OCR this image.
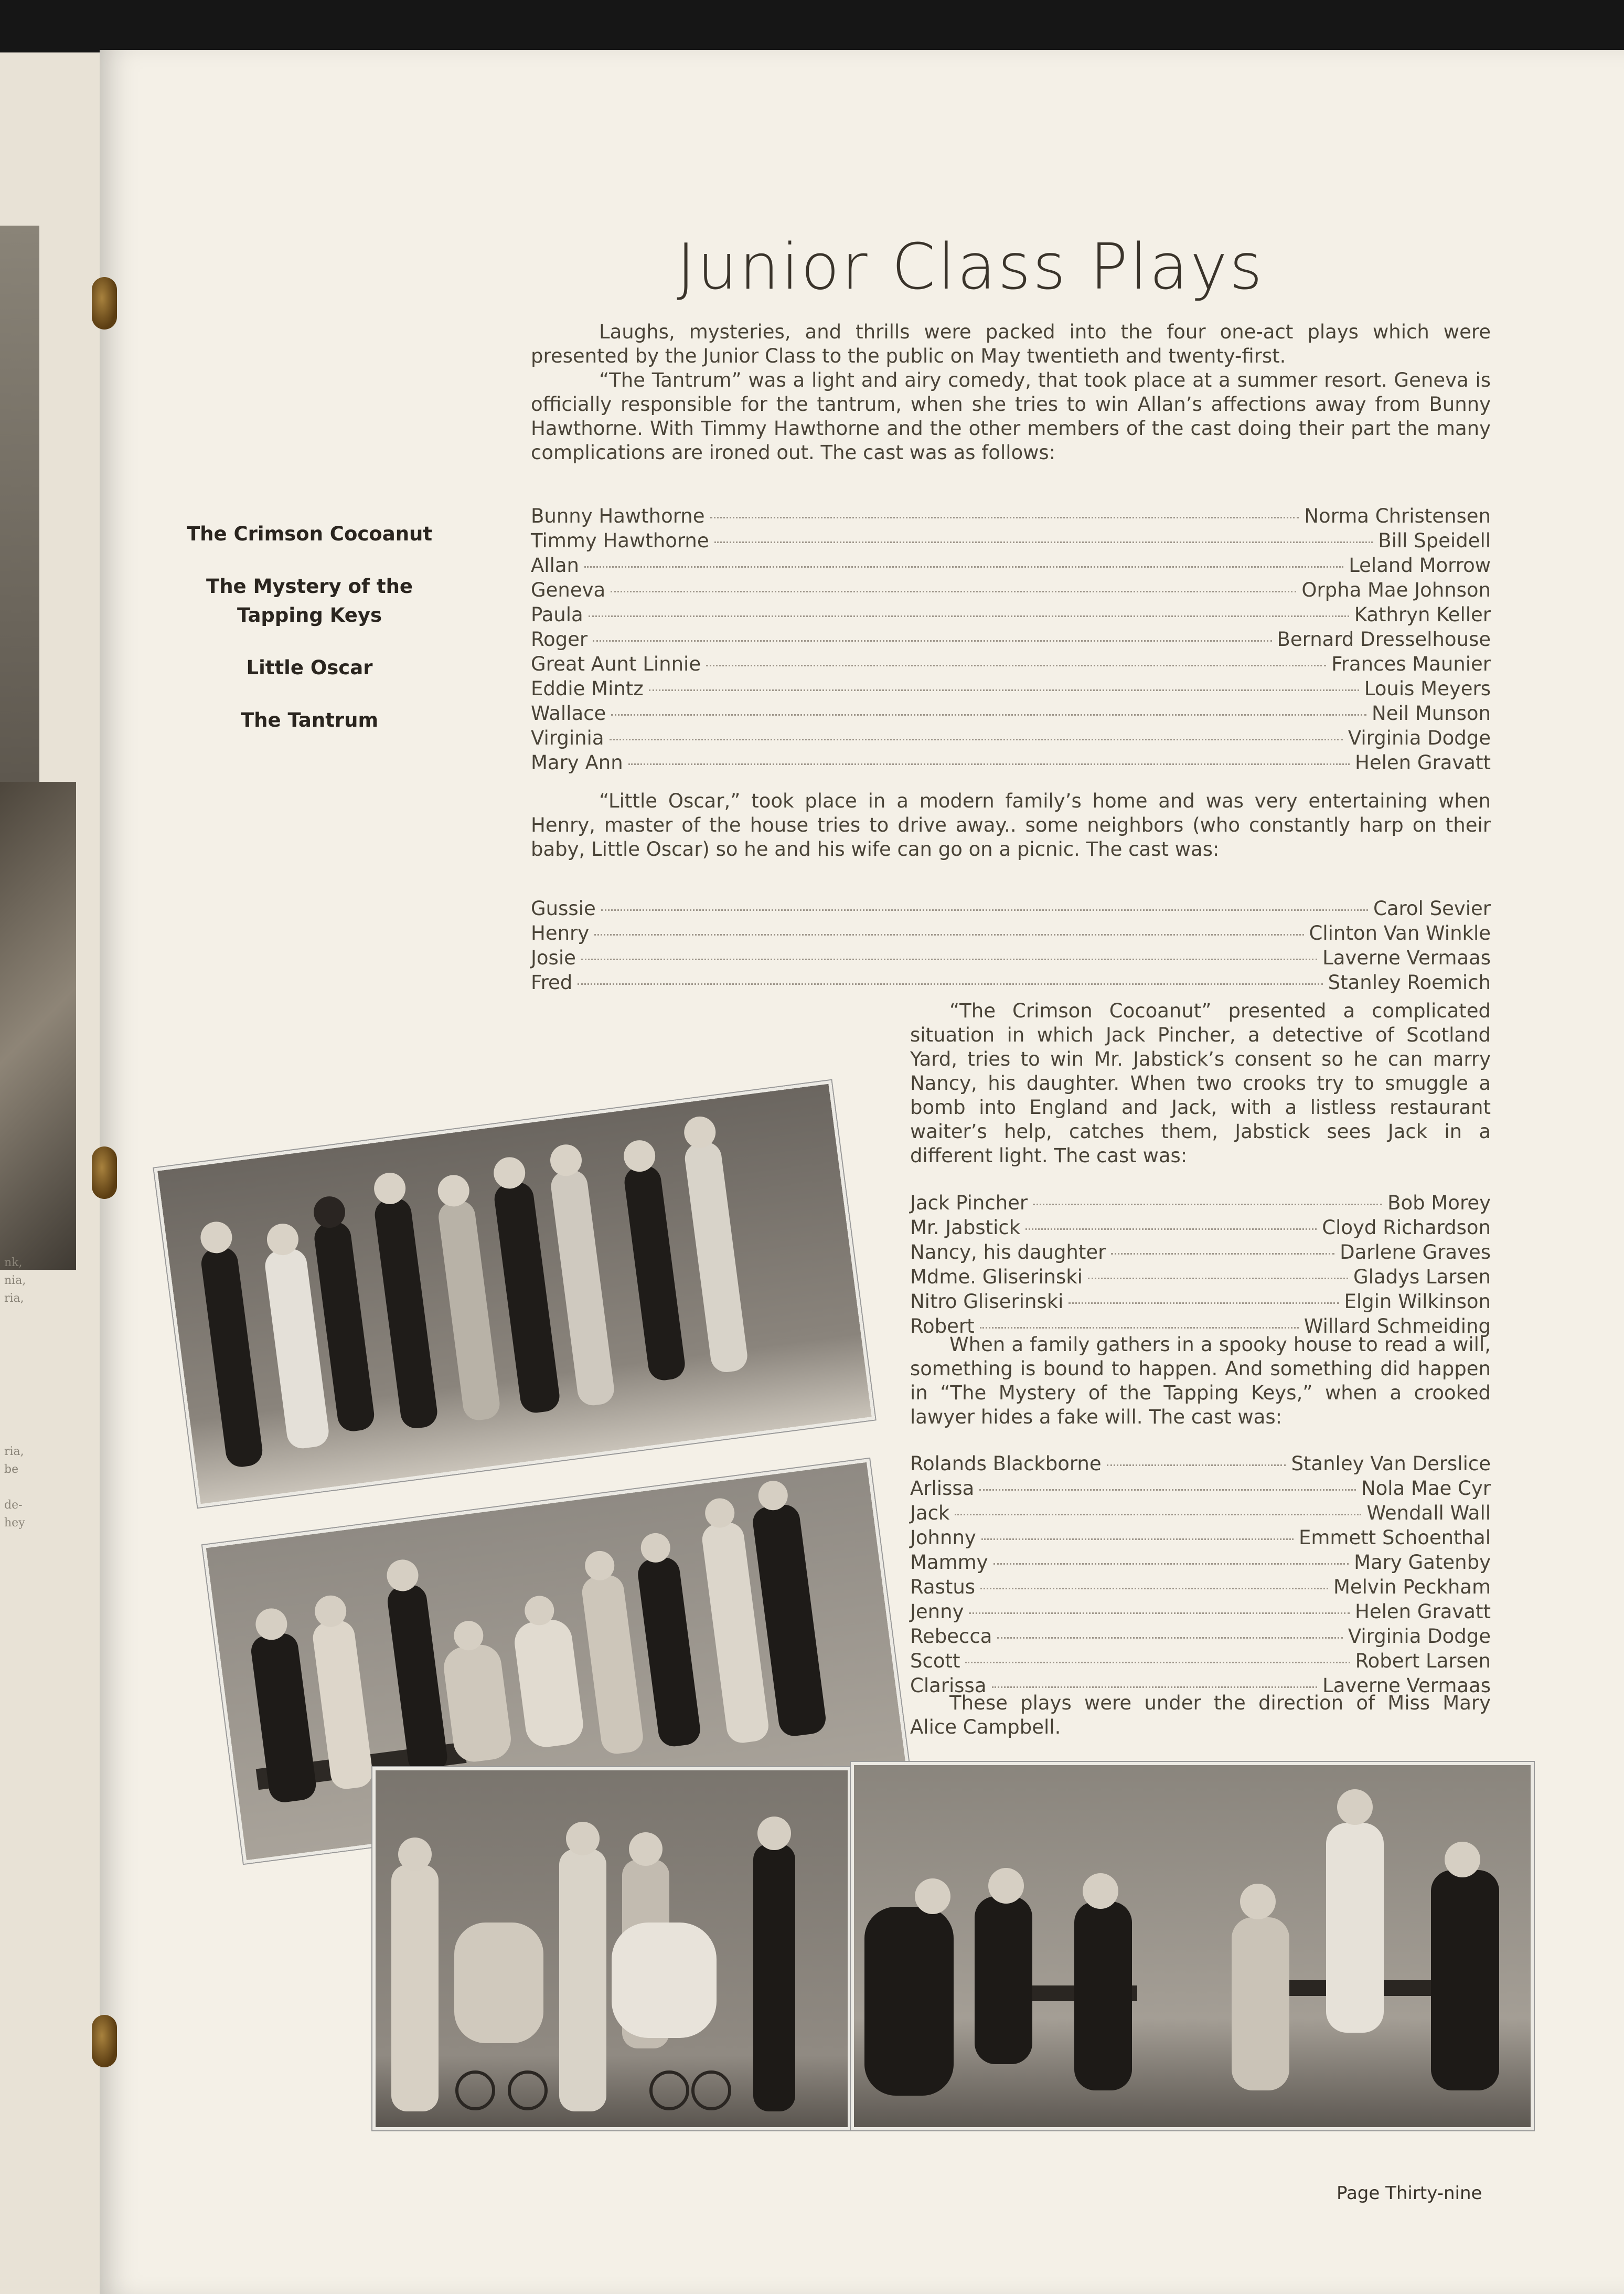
nk,
nia,
ria,
ria,
be

de-
hey
Junior Class Plays
The Crimson Cocoanut
The Mystery of the Tapping Keys
Little Oscar
The Tantrum

Laughs, mysteries, and thrills were packed into the four one-act plays which were presented by the Junior Class to the public on May twentieth and twenty-first.

“The Tantrum” was a light and airy comedy, that took place at a summer resort. Geneva is officially responsible for the tantrum, when she tries to win Allan’s affections away from Bunny Hawthorne. With Timmy Hawthorne and the other members of the cast doing their part the many complications are ironed out. The cast was as follows:

Bunny Hawthorne	Norma Christensen
Timmy Hawthorne	Bill Speidell
Allan	Leland Morrow
Geneva	Orpha Mae Johnson
Paula	Kathryn Keller
Roger	Bernard Dresselhouse
Great Aunt Linnie	Frances Maunier
Eddie Mintz	Louis Meyers
Wallace	Neil Munson
Virginia	Virginia Dodge
Mary Ann	Helen Gravatt

“Little Oscar,” took place in a modern family’s home and was very entertaining when Henry, master of the house tries to drive away.. some neighbors (who constantly harp on their baby, Little Oscar) so he and his wife can go on a picnic. The cast was:

Gussie	Carol Sevier
Henry	Clinton Van Winkle
Josie	Laverne Vermaas
Fred	Stanley Roemich

“The Crimson Cocoanut” presented a complicated situation in which Jack Pincher, a detective of Scotland Yard, tries to win Mr. Jabstick’s consent so he can marry Nancy, his daughter. When two crooks try to smuggle a bomb into England and Jack, with a listless restaurant waiter’s help, catches them, Jabstick sees Jack in a different light. The cast was:

Jack Pincher	Bob Morey
Mr. Jabstick	Cloyd Richardson
Nancy, his daughter	Darlene Graves
Mdme. Gliserinski	Gladys Larsen
Nitro Gliserinski	Elgin Wilkinson
Robert	Willard Schmeiding

When a family gathers in a spooky house to read a will, something is bound to happen. And something did happen in “The Mystery of the Tapping Keys,” when a crooked lawyer hides a fake will. The cast was:

Rolands Blackborne	Stanley Van Derslice
Arlissa	Nola Mae Cyr
Jack	Wendall Wall
Johnny	Emmett Schoenthal
Mammy	Mary Gatenby
Rastus	Melvin Peckham
Jenny	Helen Gravatt
Rebecca	Virginia Dodge
Scott	Robert Larsen
Clarissa	Laverne Vermaas

These plays were under the direction of Miss Mary Alice Campbell.

Page Thirty-nine
